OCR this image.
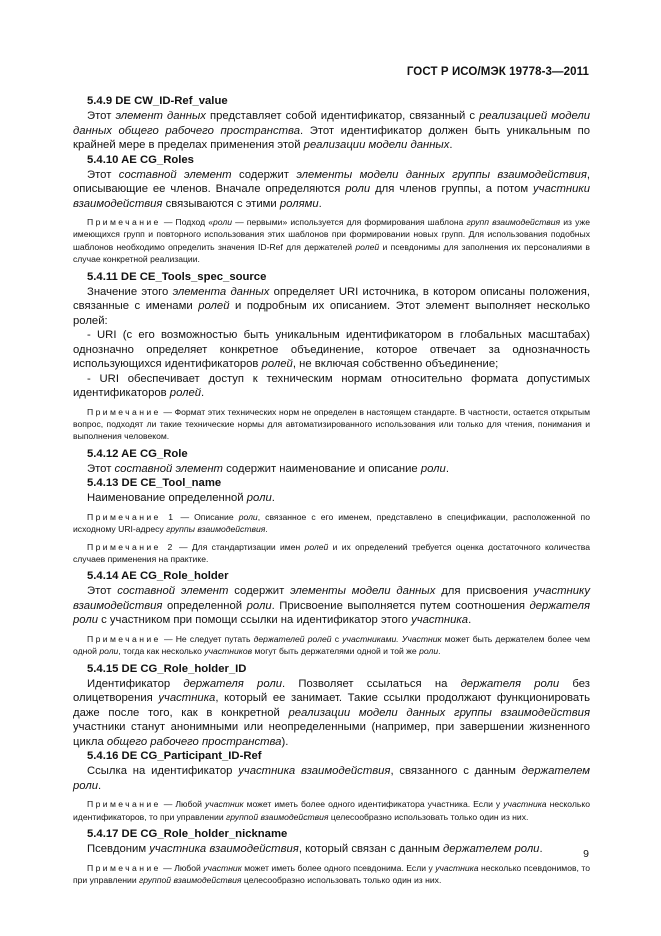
ГОСТ Р ИСО/МЭК 19778-3—2011

5.4.9 DE CW_ID-Ref_value

Этот элемент данных представляет собой идентификатор, связанный с реализацией модели данных общего рабочего пространства. Этот идентификатор должен быть уникальным по крайней мере в пределах применения этой реализации модели данных.

5.4.10 AE CG_Roles

Этот составной элемент содержит элементы модели данных группы взаимодействия, описывающие ее членов. Вначале определяются роли для членов группы, а потом участники взаимодействия связываются с этими ролями.

Примечание — Подход «роли — первыми» используется для формирования шаблона групп взаимодействия из уже имеющихся групп и повторного использования этих шаблонов при формировании новых групп. Для использования подобных шаблонов необходимо определить значения ID-Ref для держателей ролей и псевдонимы для заполнения их персоналиями в случае конкретной реализации.

5.4.11 DE CE_Tools_spec_source

Значение этого элемента данных определяет URI источника, в котором описаны положения, связанные с именами ролей и подробным их описанием. Этот элемент выполняет несколько ролей:

- URI (с его возможностью быть уникальным идентификатором в глобальных масштабах) однозначно определяет конкретное объединение, которое отвечает за однозначность использующихся идентификаторов ролей, не включая собственно объединение;

- URI обеспечивает доступ к техническим нормам относительно формата допустимых идентификаторов ролей.

Примечание — Формат этих технических норм не определен в настоящем стандарте. В частности, остается открытым вопрос, подходят ли такие технические нормы для автоматизированного использования или только для чтения, понимания и выполнения человеком.

5.4.12 AE CG_Role

Этот составной элемент содержит наименование и описание роли.

5.4.13 DE CE_Tool_name

Наименование определенной роли.

Примечание 1 — Описание роли, связанное с его именем, представлено в спецификации, расположенной по исходному URI-адресу группы взаимодействия.

Примечание 2 — Для стандартизации имен ролей и их определений требуется оценка достаточного количества случаев применения на практике.

5.4.14 AE CG_Role_holder

Этот составной элемент содержит элементы модели данных для присвоения участнику взаимодействия определенной роли. Присвоение выполняется путем соотношения держателя роли с участником при помощи ссылки на идентификатор этого участника.

Примечание — Не следует путать держателей ролей с участниками. Участник может быть держателем более чем одной роли, тогда как несколько участников могут быть держателями одной и той же роли.

5.4.15 DE CG_Role_holder_ID

Идентификатор держателя роли. Позволяет ссылаться на держателя роли без олицетворения участника, который ее занимает. Такие ссылки продолжают функционировать даже после того, как в конкретной реализации модели данных группы взаимодействия участники станут анонимными или неопределенными (например, при завершении жизненного цикла общего рабочего пространства).

5.4.16 DE CG_Participant_ID-Ref

Ссылка на идентификатор участника взаимодействия, связанного с данным держателем роли.

Примечание — Любой участник может иметь более одного идентификатора участника. Если у участника несколько идентификаторов, то при управлении группой взаимодействия целесообразно использовать только один из них.

5.4.17 DE CG_Role_holder_nickname

Псевдоним участника взаимодействия, который связан с данным держателем роли.

Примечание — Любой участник может иметь более одного псевдонима. Если у участника несколько псевдонимов, то при управлении группой взаимодействия целесообразно использовать только один из них.

9
